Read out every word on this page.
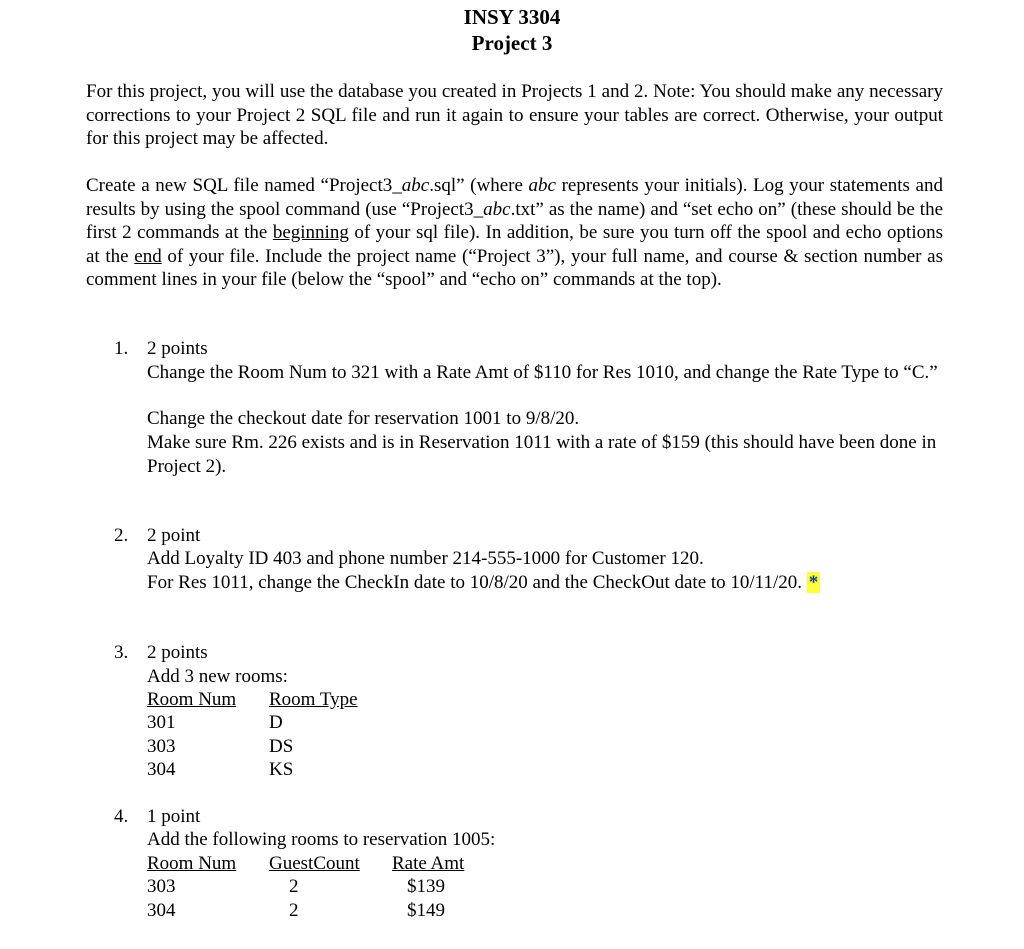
INSY 3304
Project 3
For this project, you will use the database you created in Projects 1 and 2. Note: You should make any necessary corrections to your Project 2 SQL file and run it again to ensure your tables are correct. Otherwise, your output for this project may be affected.
Create a new SQL file named “Project3_abc.sql” (where abc represents your initials). Log your statements and results by using the spool command (use “Project3_abc.txt” as the name) and “set echo on” (these should be the first 2 commands at the beginning of your sql file). In addition, be sure you turn off the spool and echo options at the end of your file. Include the project name (“Project 3”), your full name, and course & section number as comment lines in your file (below the “spool” and “echo on” commands at the top).
1. 2 points
Change the Room Num to 321 with a Rate Amt of $110 for Res 1010, and change the Rate Type to “C.”
Change the checkout date for reservation 1001 to 9/8/20.
Make sure Rm. 226 exists and is in Reservation 1011 with a rate of $159 (this should have been done in Project 2).
2. 2 point
Add Loyalty ID 403 and phone number 214-555-1000 for Customer 120.
For Res 1011, change the CheckIn date to 10/8/20 and the CheckOut date to 10/11/20. *
3. 2 points
Add 3 new rooms:
Room Num Room Type
301	D
303	DS
304	KS
4. 1 point
Add the following rooms to reservation 1005:
Room Num GuestCount Rate Amt
303	2	$139
304	2	$149
